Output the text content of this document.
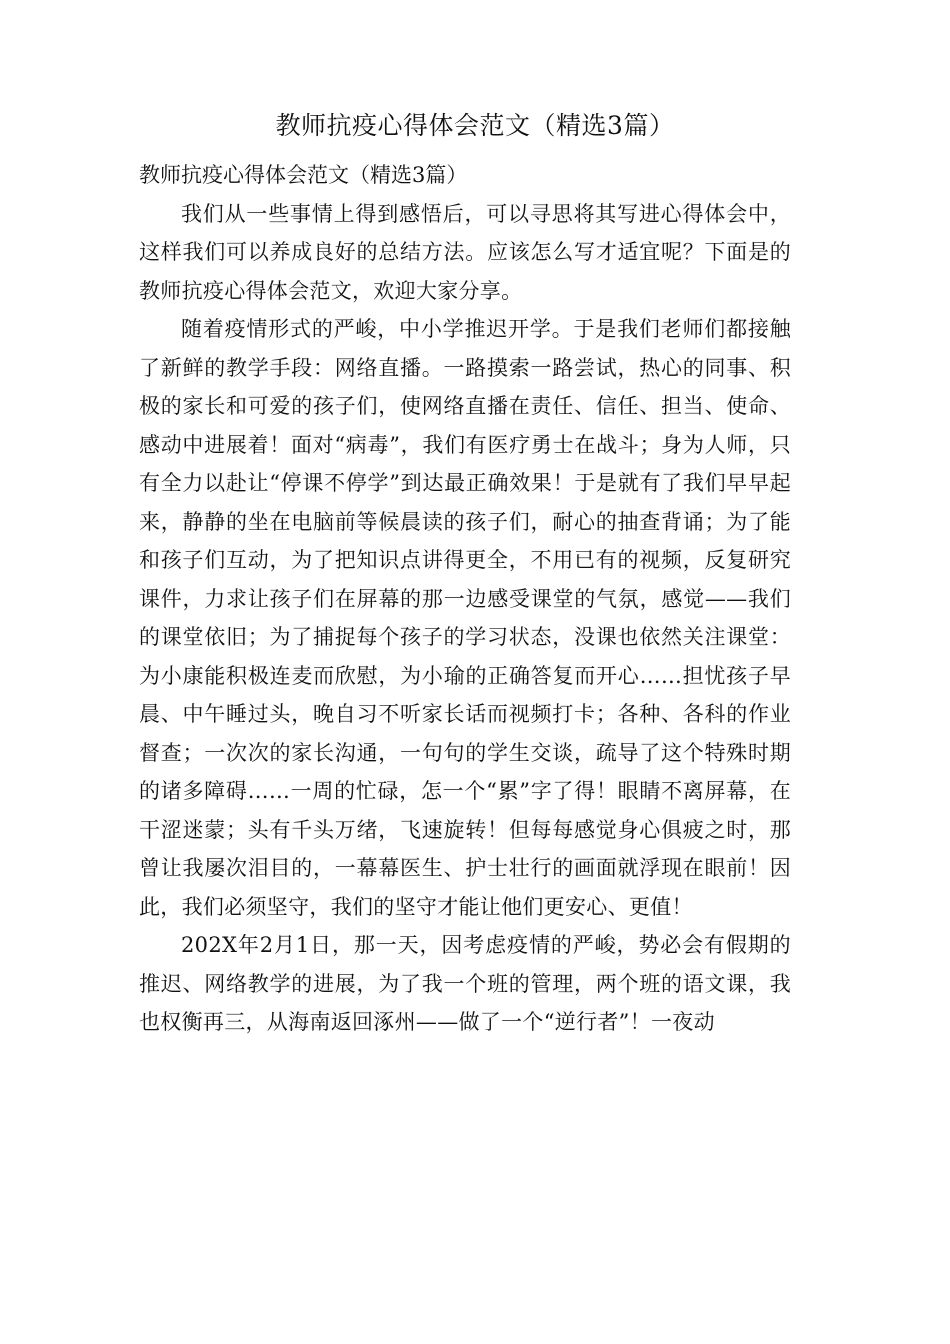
教师抗疫心得体会范文（精选3篇）

教师抗疫心得体会范文（精选3篇）

我们从一些事情上得到感悟后，可以寻思将其写进心得体会中，这样我们可以养成良好的总结方法。应该怎么写才适宜呢？下面是的教师抗疫心得体会范文，欢迎大家分享。

随着疫情形式的严峻，中小学推迟开学。于是我们老师们都接触了新鲜的教学手段：网络直播。一路摸索一路尝试，热心的同事、积极的家长和可爱的孩子们，使网络直播在责任、信任、担当、使命、感动中进展着！面对“病毒”，我们有医疗勇士在战斗；身为人师，只有全力以赴让“停课不停学”到达最正确效果！于是就有了我们早早起来，静静的坐在电脑前等候晨读的孩子们，耐心的抽查背诵；为了能和孩子们互动，为了把知识点讲得更全，不用已有的视频，反复研究课件，力求让孩子们在屏幕的那一边感受课堂的气氛，感觉——我们的课堂依旧；为了捕捉每个孩子的学习状态，没课也依然关注课堂：为小康能积极连麦而欣慰，为小瑜的正确答复而开心……担忧孩子早晨、中午睡过头，晚自习不听家长话而视频打卡；各种、各科的作业督查；一次次的家长沟通，一句句的学生交谈，疏导了这个特殊时期的诸多障碍……一周的忙碌，怎一个“累”字了得！眼睛不离屏幕，在干涩迷蒙；头有千头万绪，飞速旋转！但每每感觉身心俱疲之时，那曾让我屡次泪目的，一幕幕医生、护士壮行的画面就浮现在眼前！因此，我们必须坚守，我们的坚守才能让他们更安心、更值！

202X年2月1日，那一天，因考虑疫情的严峻，势必会有假期的推迟、网络教学的进展，为了我一个班的管理，两个班的语文课，我也权衡再三，从海南返回涿州——做了一个“逆行者”！一夜动
